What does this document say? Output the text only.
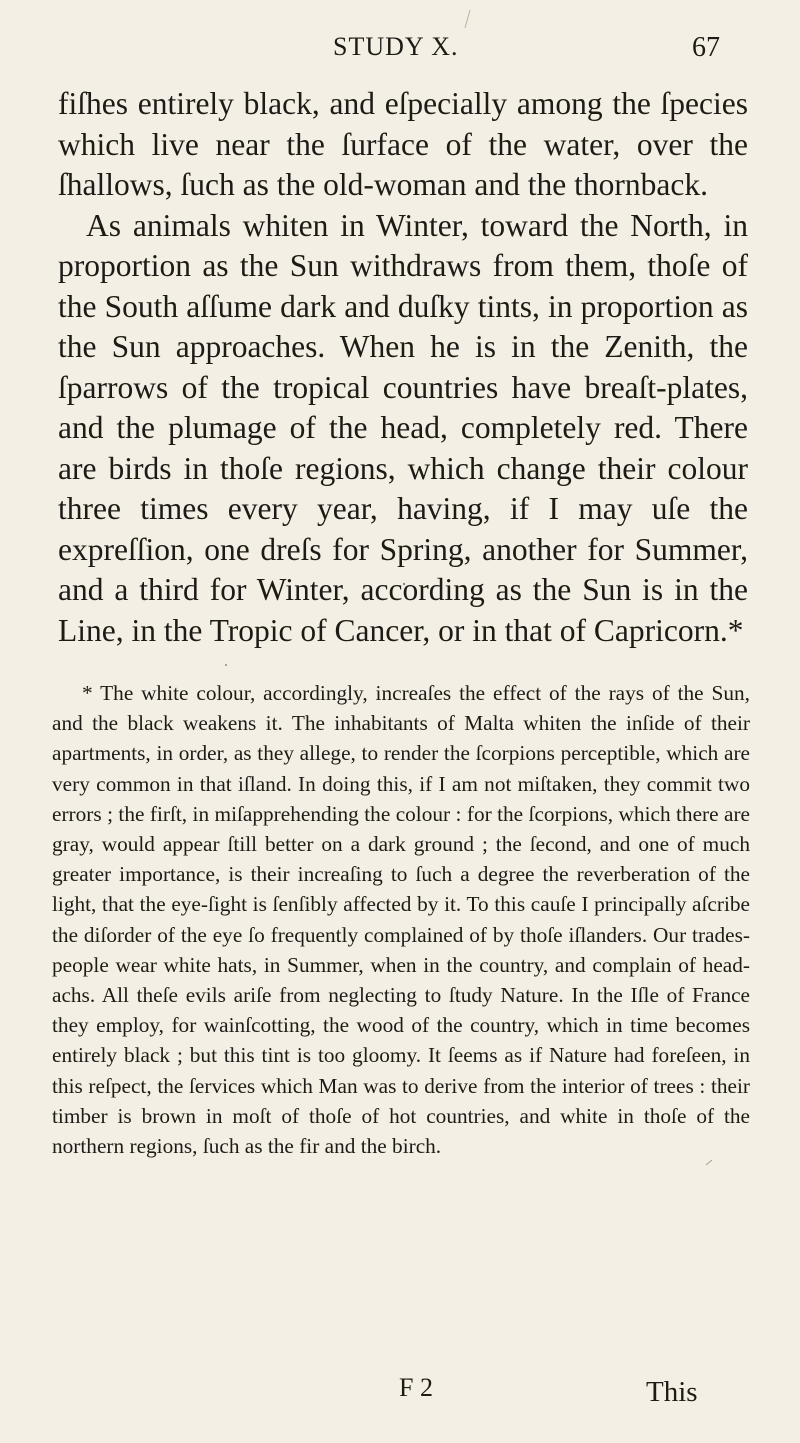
STUDY X.	67

fiſhes entirely black, and eſpecially among the ſpecies which live near the ſurface of the water, over the ſhallows, ſuch as the old-woman and the thornback.

As animals whiten in Winter, toward the North, in proportion as the Sun withdraws from them, thoſe of the South aſſume dark and duſky tints, in proportion as the Sun approaches. When he is in the Zenith, the ſparrows of the tropical countries have breaſt-plates, and the plumage of the head, completely red. There are birds in thoſe regions, which change their colour three times every year, having, if I may uſe the expreſſion, one dreſs for Spring, another for Summer, and a third for Winter, according as the Sun is in the Line, in the Tropic of Cancer, or in that of Capricorn.*

* The white colour, accordingly, increaſes the effect of the rays of the Sun, and the black weakens it. The inhabitants of Malta whiten the inſide of their apartments, in order, as they allege, to render the ſcorpions perceptible, which are very common in that iſland. In doing this, if I am not miſtaken, they commit two errors ; the firſt, in miſapprehending the colour : for the ſcorpions, which there are gray, would appear ſtill better on a dark ground ; the ſecond, and one of much greater importance, is their increaſing to ſuch a degree the reverberation of the light, that the eye-ſight is ſenſibly affected by it. To this cauſe I principally aſcribe the diſorder of the eye ſo frequently complained of by thoſe iſlanders. Our trades-people wear white hats, in Summer, when in the country, and complain of head-achs. All theſe evils ariſe from neglecting to ſtudy Nature. In the Iſle of France they employ, for wainſcotting, the wood of the country, which in time becomes entirely black ; but this tint is too gloomy. It ſeems as if Nature had foreſeen, in this reſpect, the ſervices which Man was to derive from the interior of trees : their timber is brown in moſt of thoſe of hot countries, and white in thoſe of the northern regions, ſuch as the fir and the birch.

F 2	This
